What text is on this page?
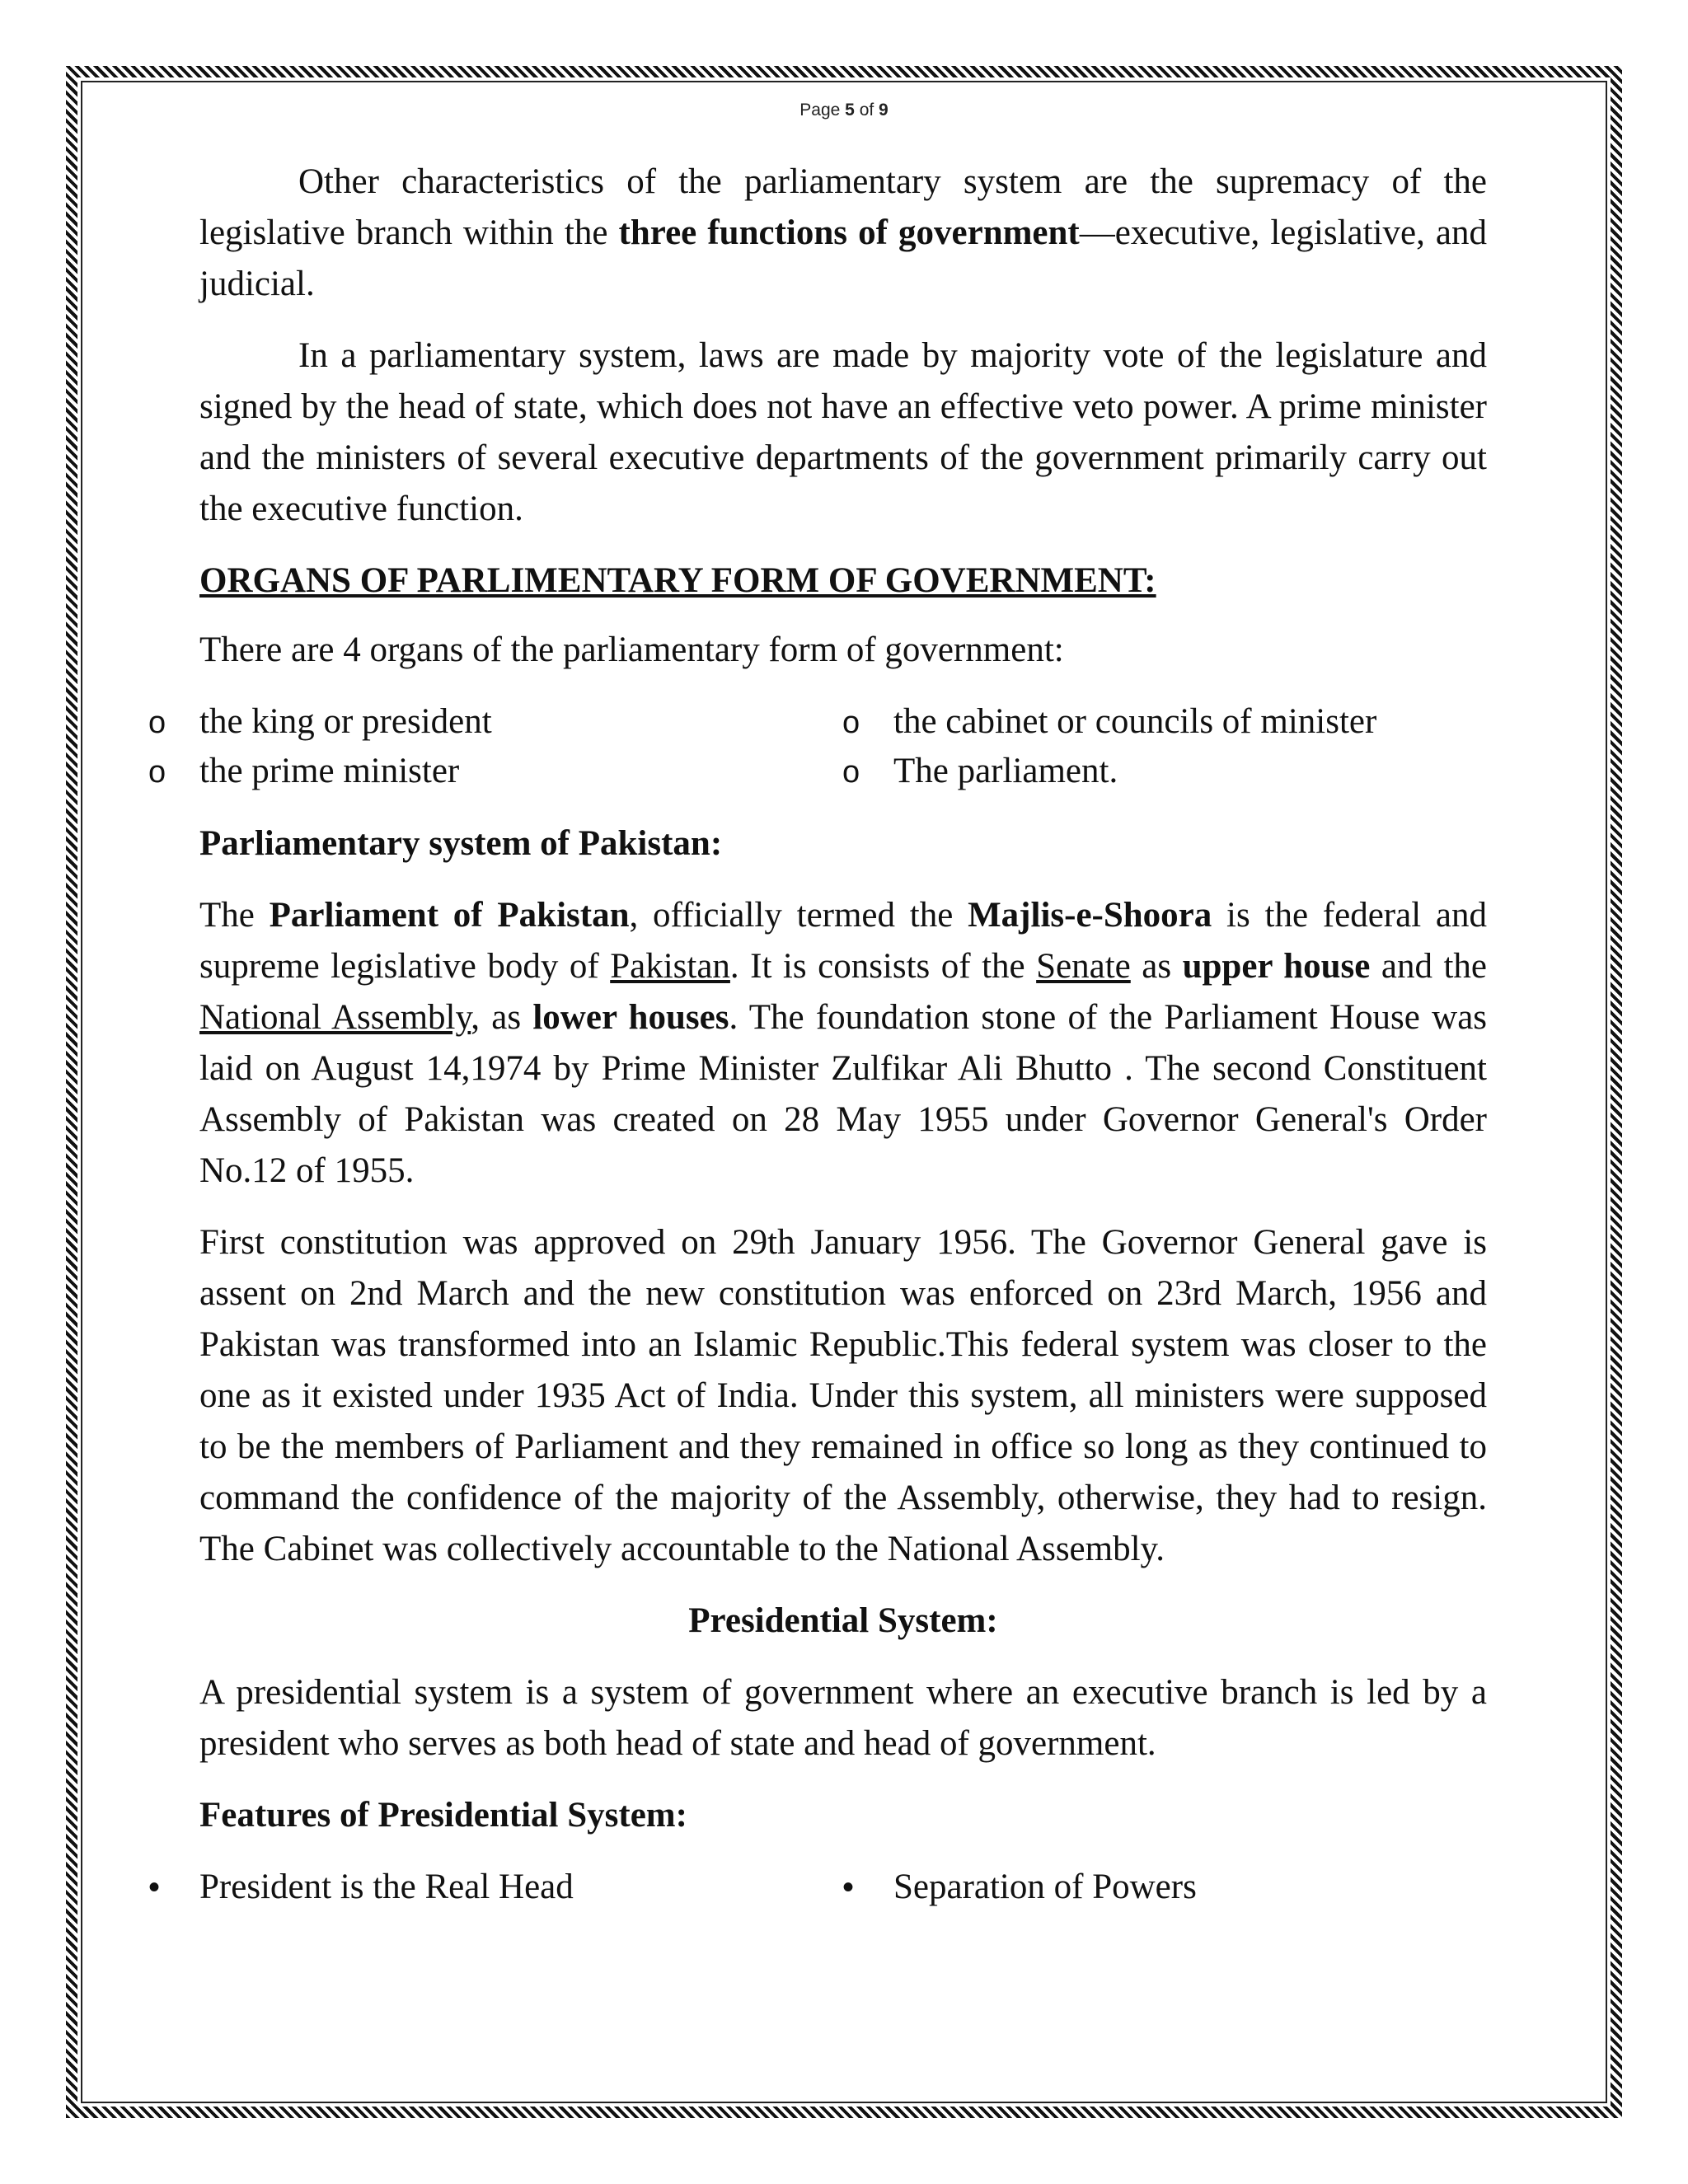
Page 5 of 9

Other characteristics of the parliamentary system are the supremacy of the legislative branch within the three functions of government—executive, legislative, and judicial.

In a parliamentary system, laws are made by majority vote of the legislature and signed by the head of state, which does not have an effective veto power. A prime minister and the ministers of several executive departments of the government primarily carry out the executive function.

ORGANS OF PARLIMENTARY FORM OF GOVERNMENT:

There are 4 organs of the parliamentary form of government:

o the king or president
o the prime minister
o the cabinet or councils of minister
o The parliament.
Parliamentary system of Pakistan:

The Parliament of Pakistan, officially termed the Majlis-e-Shoora is the federal and supreme legislative body of Pakistan. It is consists of the Senate as upper house and the National Assembly, as lower houses. The foundation stone of the Parliament House was laid on August 14,1974 by Prime Minister Zulfikar Ali Bhutto . The second Constituent Assembly of Pakistan was created on 28 May 1955 under Governor General's Order No.12 of 1955.

First constitution was approved on 29th January 1956. The Governor General gave is assent on 2nd March and the new constitution was enforced on 23rd March, 1956 and Pakistan was transformed into an Islamic Republic.This federal system was closer to the one as it existed under 1935 Act of India. Under this system, all ministers were supposed to be the members of Parliament and they remained in office so long as they continued to command the confidence of the majority of the Assembly, otherwise, they had to resign. The Cabinet was collectively accountable to the National Assembly.

Presidential System:

A presidential system is a system of government where an executive branch is led by a president who serves as both head of state and head of government.

Features of Presidential System:
•	President is the Real Head	•	Separation of Powers
